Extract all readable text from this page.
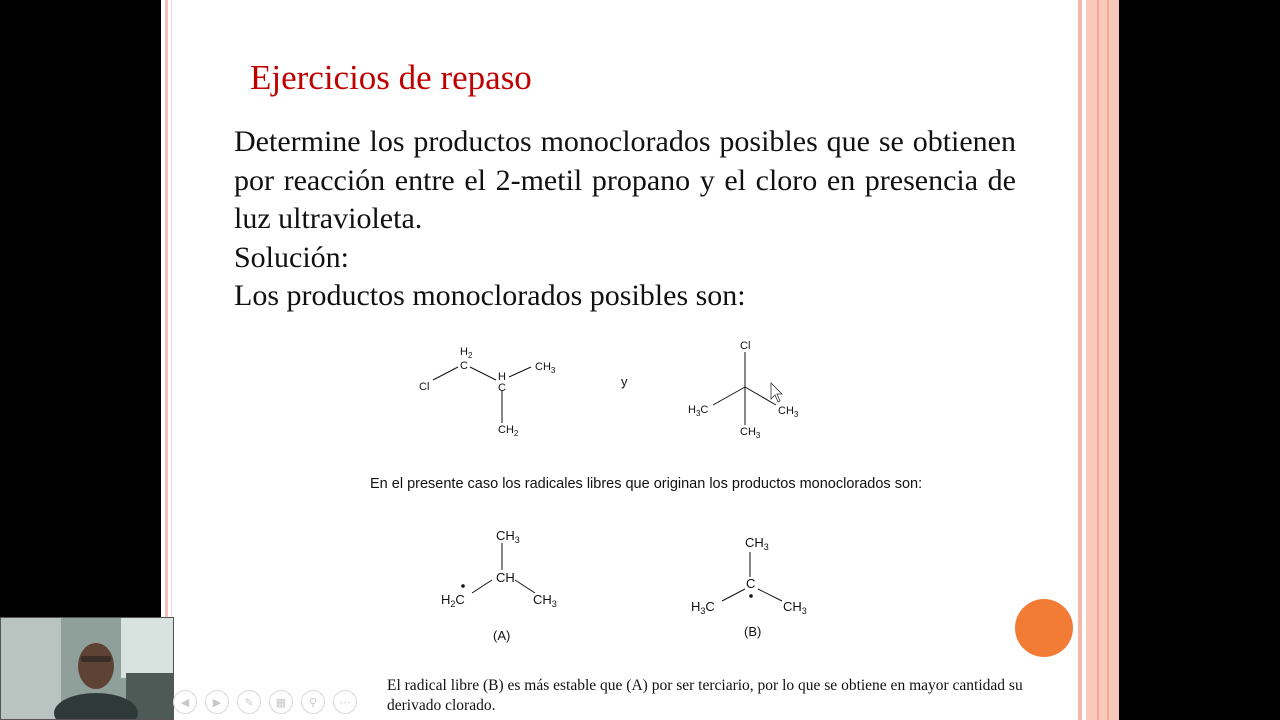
Ejercicios de repaso

Determine los productos monoclorados posibles que se obtienen por reacción entre el 2-metil propano y el cloro en presencia de luz ultravioleta.

Solución:

Los productos monoclorados posibles son:

Cl
$H_2$
C
H
C
$CH_3$
$CH_2$
y
Cl
$H_3C$	$CH_3$
$CH_3$
En el presente caso los radicales libres que originan los productos monoclorados son:
$CH_3$
CH
$H_2C$	$CH_3$
(A)
$CH_3$
C
$H_3C$	$CH_3$
(B)
El radical libre (B) es más estable que (A) por ser terciario, por lo que se obtiene en mayor cantidad su derivado clorado.
◀	▶	✎	▦	⚲	⋯
